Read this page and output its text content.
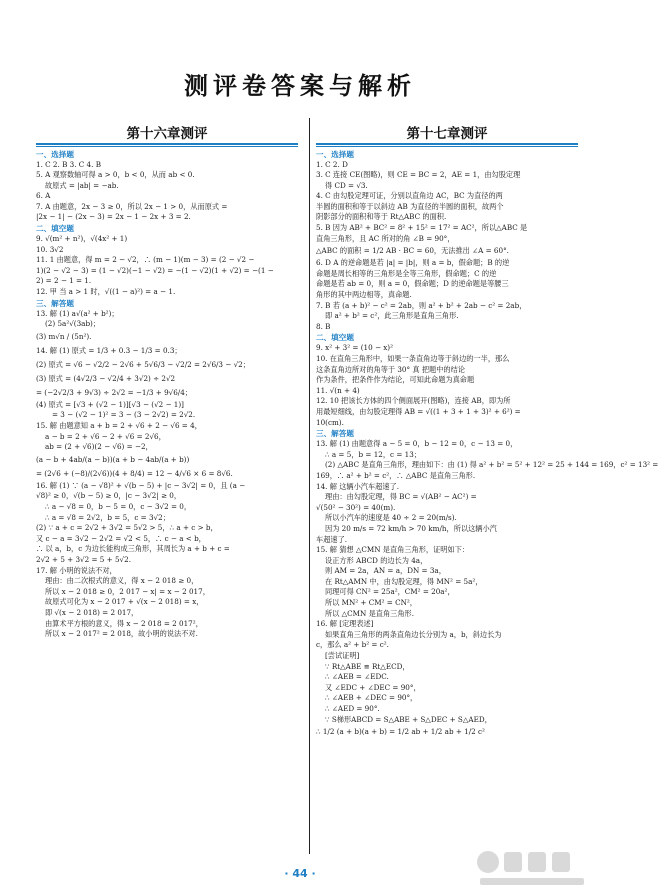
测评卷答案与解析
第十六章测评
一、选择题
1. C 2. B 3. C 4. B
5. A 观察数轴可得 a > 0，b < 0，从而 ab < 0.
故原式 = |ab| = −ab.
6. A
7. A 由题意，2x − 3 ≥ 0，所以 2x − 1 > 0，从而原式 =
|2x − 1| − (2x − 3) = 2x − 1 − 2x + 3 = 2.
二、填空题
9. √(m² + n²)，√(4x² + 1)
10. 3√2
11. 1 由题意，得 m = 2 − √2，∴ (m − 1)(m − 3) = (2 − √2 −
1)(2 − √2 − 3) = (1 − √2)(−1 − √2) = −(1 − √2)(1 + √2) = −(1 −
2) = 2 − 1 = 1.
12. 甲 当 a > 1 时，√((1 − a)²) = a − 1.
三、解答题
13. 解 (1) a√(a² + b²)；
(2) 5a²√(3ab)；
(3) m√n / (5n²).
14. 解 (1) 原式 = 1/3 + 0.3 − 1/3 = 0.3；
(2) 原式 = √6 − √2/2 − 2√6 + 5√6/3 − √2/2 = 2√6/3 − √2；
(3) 原式 = (4√2/3 − √2/4 + 3√2) ÷ 2√2
= (−2√2/3 + 9√3) ÷ 2√2 = −1/3 + 9√6/4；
(4) 原式 = [√3 + (√2 − 1)][√3 − (√2 − 1)]
= 3 − (√2 − 1)² = 3 − (3 − 2√2) = 2√2.
15. 解 由题意知 a + b = 2 + √6 + 2 − √6 = 4，
a − b = 2 + √6 − 2 + √6 = 2√6，
ab = (2 + √6)(2 − √6) = −2，
(a − b + 4ab/(a − b))(a + b − 4ab/(a + b))
= (2√6 + (−8)/(2√6))(4 + 8/4) = 12 − 4/√6 × 6 = 8√6.
16. 解 (1) ∵ (a − √8)² + √(b − 5) + |c − 3√2| = 0，且 (a −
√8)² ≥ 0，√(b − 5) ≥ 0，|c − 3√2| ≥ 0，
∴ a − √8 = 0，b − 5 = 0，c − 3√2 = 0，
∴ a = √8 = 2√2，b = 5，c = 3√2；
(2) ∵ a + c = 2√2 + 3√2 = 5√2 > 5，∴ a + c > b，
又 c − a = 3√2 − 2√2 = √2 < 5，∴ c − a < b，
∴ 以 a，b，c 为边长能构成三角形，其周长为 a + b + c =
2√2 + 5 + 3√2 = 5 + 5√2.
17. 解 小明的说法不对，
理由：由二次根式的意义，得 x − 2 018 ≥ 0，
所以 x − 2 018 ≥ 0，2 017 − x| = x − 2 017，
故原式可化为 x − 2 017 + √(x − 2 018) = x，
即 √(x − 2 018) = 2 017，
由算术平方根的意义，得 x − 2 018 = 2 017²，
所以 x − 2 017² = 2 018，故小明的说法不对.
第十七章测评
一、选择题
1. C 2. D
3. C 连接 CE(图略)，则 CE = BC = 2，AE = 1，由勾股定理
得 CD = √3.
4. C 由勾股定理可证，分别以直角边 AC，BC 为直径的两
半圆的面积和等于以斜边 AB 为直径的半圆的面积，故两个
阴影部分的面积和等于 Rt△ABC 的面积.
5. B 因为 AB² + BC² = 8² + 15² = 17² = AC²，所以△ABC 是
直角三角形，且 AC 所对的角 ∠B = 90°，
△ABC 的面积 = 1/2 AB · BC = 60，无法推出 ∠A = 60°.
6. D A 的逆命题是若 |a| = |b|，则 a = b，假命题；B 的逆
命题是周长相等的三角形是全等三角形，假命题；C 的逆
命题是若 ab = 0，则 a = 0，假命题；D 的逆命题是等腰三
角形的其中两边相等，真命题.
7. B 若 (a + b)² − c² = 2ab，则 a² + b² + 2ab − c² = 2ab，
即 a² + b² = c²，此三角形是直角三角形.
8. B
二、填空题
9. x² + 3² = (10 − x)²
10. 在直角三角形中，如果一条直角边等于斜边的一半，那么
这条直角边所对的角等于 30° 真 把题中的结论
作为条件，把条件作为结论，可知此命题为真命题
11. √(n + 4)
12. 10 把该长方体的四个侧面展开(图略)，连接 AB，即为所
用最短细线，由勾股定理得 AB = √((1 + 3 + 1 + 3)² + 6²) =
10(cm).
三、解答题
13. 解 (1) 由题意得 a − 5 = 0，b − 12 = 0，c − 13 = 0，
∴ a = 5，b = 12，c = 13；
(2) △ABC 是直角三角形，理由如下：由 (1) 得 a² + b² = 5² + 12² = 25 + 144 = 169，c² = 13² =
169，∴ a² + b² = c²，∴ △ABC 是直角三角形.
14. 解 这辆小汽车超速了.
理由：由勾股定理，得 BC = √(AB² − AC²) =
√(50² − 30²) = 40(m).
所以小汽车的速度是 40 ÷ 2 = 20(m/s).
因为 20 m/s = 72 km/h > 70 km/h，所以这辆小汽
车超速了.
15. 解 猜想 △CMN 是直角三角形，证明如下：
设正方形 ABCD 的边长为 4a，
则 AM = 2a，AN = a，DN = 3a，
在 Rt△AMN 中，由勾股定理，得 MN² = 5a²，
同理可得 CN² = 25a²，CM² = 20a²，
所以 MN² + CM² = CN²，
所以 △CMN 是直角三角形.
16. 解 [定理表述]
如果直角三角形的两条直角边长分别为 a，b，斜边长为
c，那么 a² + b² = c².
[尝试证明]
∵ Rt△ABE ≌ Rt△ECD，
∴ ∠AEB = ∠EDC.
又 ∠EDC + ∠DEC = 90°，
∴ ∠AEB + ∠DEC = 90°，
∴ ∠AED = 90°.
∵ S梯形ABCD = S△ABE + S△DEC + S△AED，
∴ 1/2 (a + b)(a + b) = 1/2 ab + 1/2 ab + 1/2 c²
· 44 ·
